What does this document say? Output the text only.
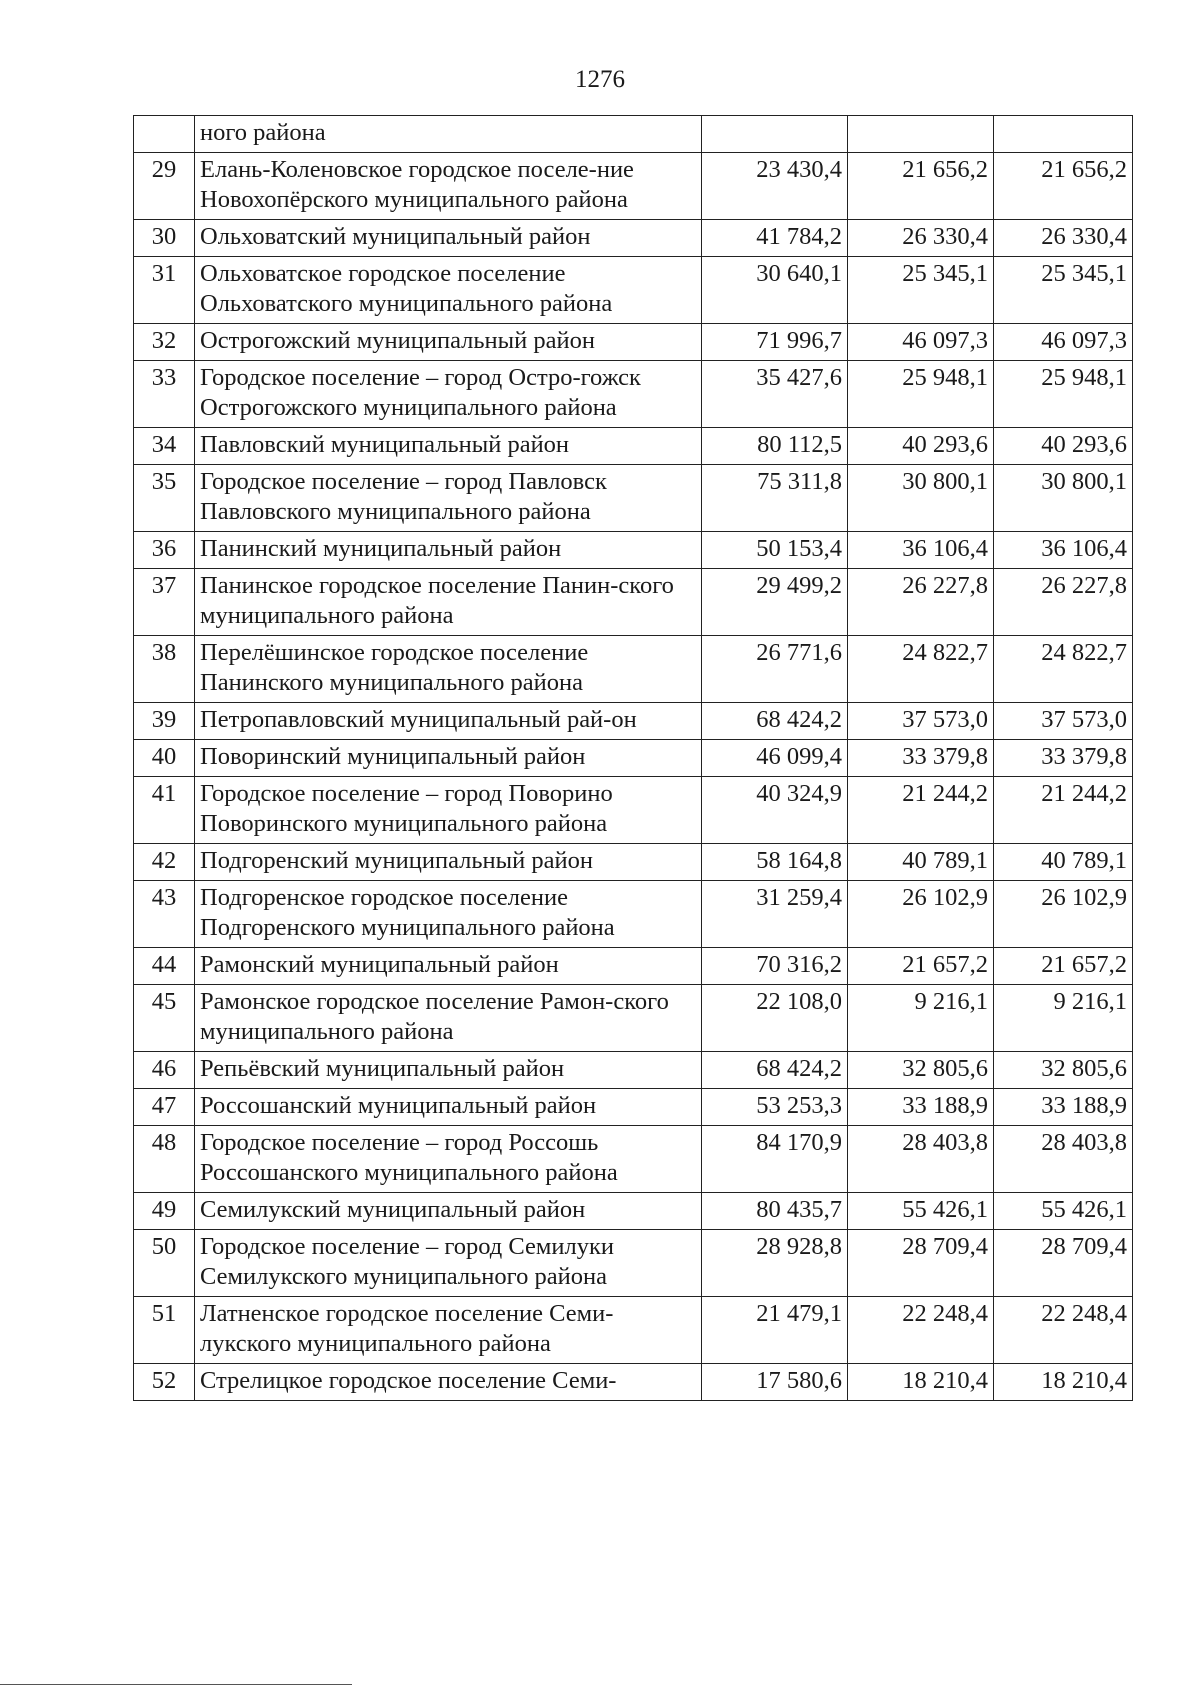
1276
	ного района			
29	Елань-Коленовское городское поселе-ние Новохопёрского муниципального района	23 430,4	21 656,2	21 656,2
30	Ольховатский муниципальный район	41 784,2	26 330,4	26 330,4
31	Ольховатское городское поселение Ольховатского муниципального района	30 640,1	25 345,1	25 345,1
32	Острогожский муниципальный район	71 996,7	46 097,3	46 097,3
33	Городское поселение – город Остро-гожск Острогожского муниципального района	35 427,6	25 948,1	25 948,1
34	Павловский муниципальный район	80 112,5	40 293,6	40 293,6
35	Городское поселение – город Павловск Павловского муниципального района	75 311,8	30 800,1	30 800,1
36	Панинский муниципальный район	50 153,4	36 106,4	36 106,4
37	Панинское городское поселение Панин-ского муниципального района	29 499,2	26 227,8	26 227,8
38	Перелёшинское городское поселение Панинского муниципального района	26 771,6	24 822,7	24 822,7
39	Петропавловский муниципальный рай-он	68 424,2	37 573,0	37 573,0
40	Поворинский муниципальный район	46 099,4	33 379,8	33 379,8
41	Городское поселение – город Поворино Поворинского муниципального района	40 324,9	21 244,2	21 244,2
42	Подгоренский муниципальный район	58 164,8	40 789,1	40 789,1
43	Подгоренское городское поселение Подгоренского муниципального района	31 259,4	26 102,9	26 102,9
44	Рамонский муниципальный район	70 316,2	21 657,2	21 657,2
45	Рамонское городское поселение Рамон-ского муниципального района	22 108,0	9 216,1	9 216,1
46	Репьёвский муниципальный район	68 424,2	32 805,6	32 805,6
47	Россошанский муниципальный район	53 253,3	33 188,9	33 188,9
48	Городское поселение – город Россошь Россошанского муниципального района	84 170,9	28 403,8	28 403,8
49	Семилукский муниципальный район	80 435,7	55 426,1	55 426,1
50	Городское поселение – город Семилуки Семилукского муниципального района	28 928,8	28 709,4	28 709,4
51	Латненское городское поселение Семи-лукского муниципального района	21 479,1	22 248,4	22 248,4
52	Стрелицкое городское поселение Семи-	17 580,6	18 210,4	18 210,4
